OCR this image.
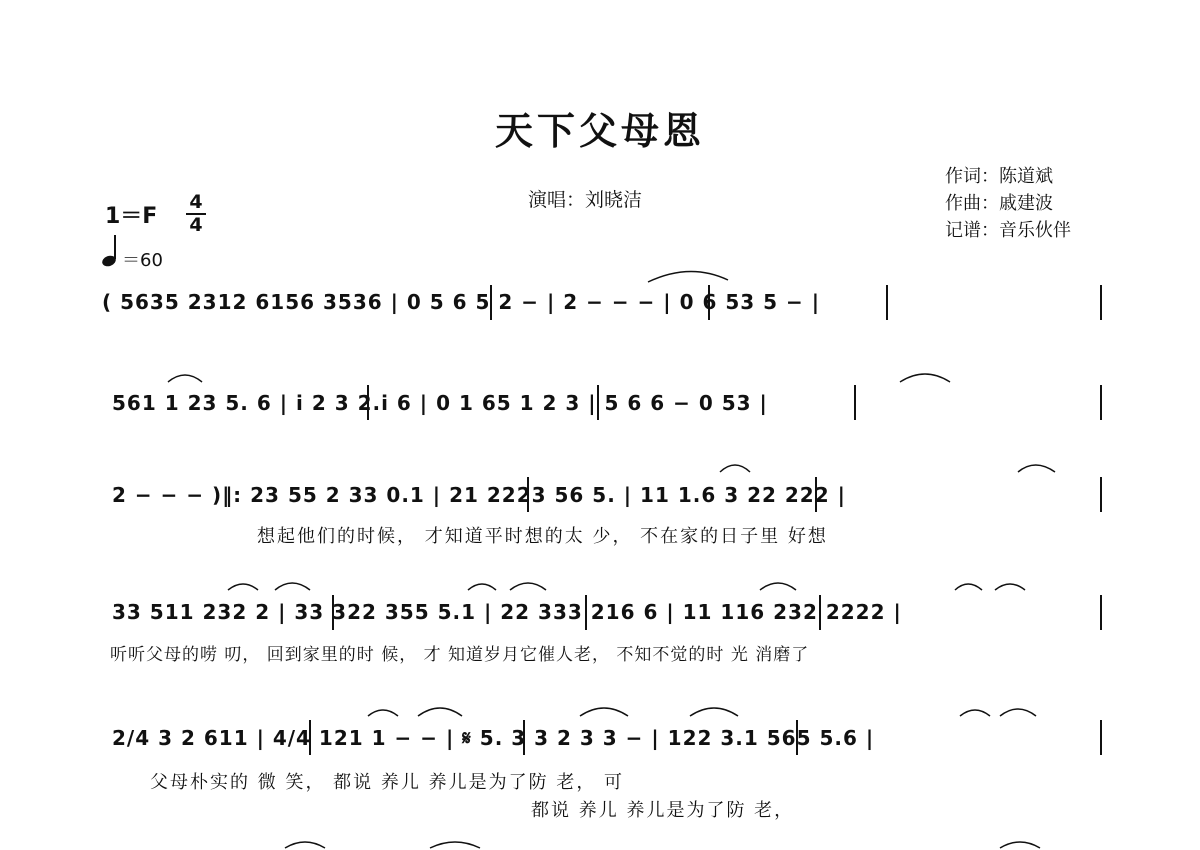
天下父母恩
演唱：刘晓洁
作词：陈道斌
作曲：戚建波
记谱：音乐伙伴
1＝F
4
4
＝60
( 5635 2312 6156 3536 | 0 5 6 5 2 − | 2 − − − | 0 6 53 5 − |
561 1 23 5. 6 | i 2 3 2.i 6 | 0 1 65 1 2 3 | 5 6 6 − 0 53 |
2 − − − )‖: 23 55 2 33 0.1 | 21 2223 56 5. | 11 1.6 3 22 222 |
想起他们的时候， 才知道平时想的太 少， 不在家的日子里 好想
33 511 232 2 | 33 322 355 5.1 | 22 333 216 6 | 11 116 232 2222 |
听听父母的唠 叨， 回到家里的时 候， 才 知道岁月它催人老， 不知不觉的时 光 消磨了
2/4 3 2 611 | 4/4 121 1 − − | 𝄋 5. 3 3 2 3 3 − | 122 3.1 565 5.6 |
父母朴实的 微 笑， 都说 养儿 养儿是为了防 老， 可
都说 养儿 养儿是为了防 老，
